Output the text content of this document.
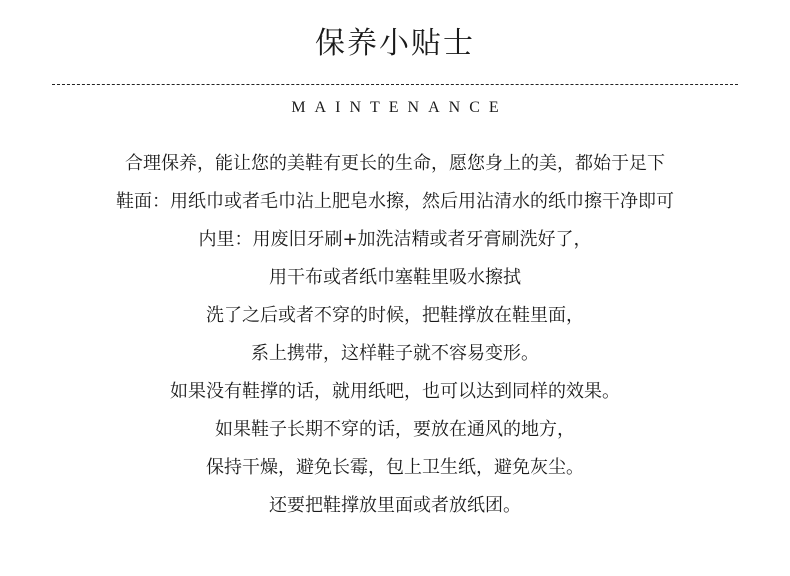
保养小贴士
MAINTENANCE
合理保养，能让您的美鞋有更长的生命，愿您身上的美，都始于足下
鞋面：用纸巾或者毛巾沾上肥皂水擦，然后用沾清水的纸巾擦干净即可
内里：用废旧牙刷+加洗洁精或者牙膏刷洗好了，
用干布或者纸巾塞鞋里吸水擦拭
洗了之后或者不穿的时候，把鞋撑放在鞋里面，
系上携带，这样鞋子就不容易变形。
如果没有鞋撑的话，就用纸吧，也可以达到同样的效果。
如果鞋子长期不穿的话，要放在通风的地方，
保持干燥，避免长霉，包上卫生纸，避免灰尘。
还要把鞋撑放里面或者放纸团。
